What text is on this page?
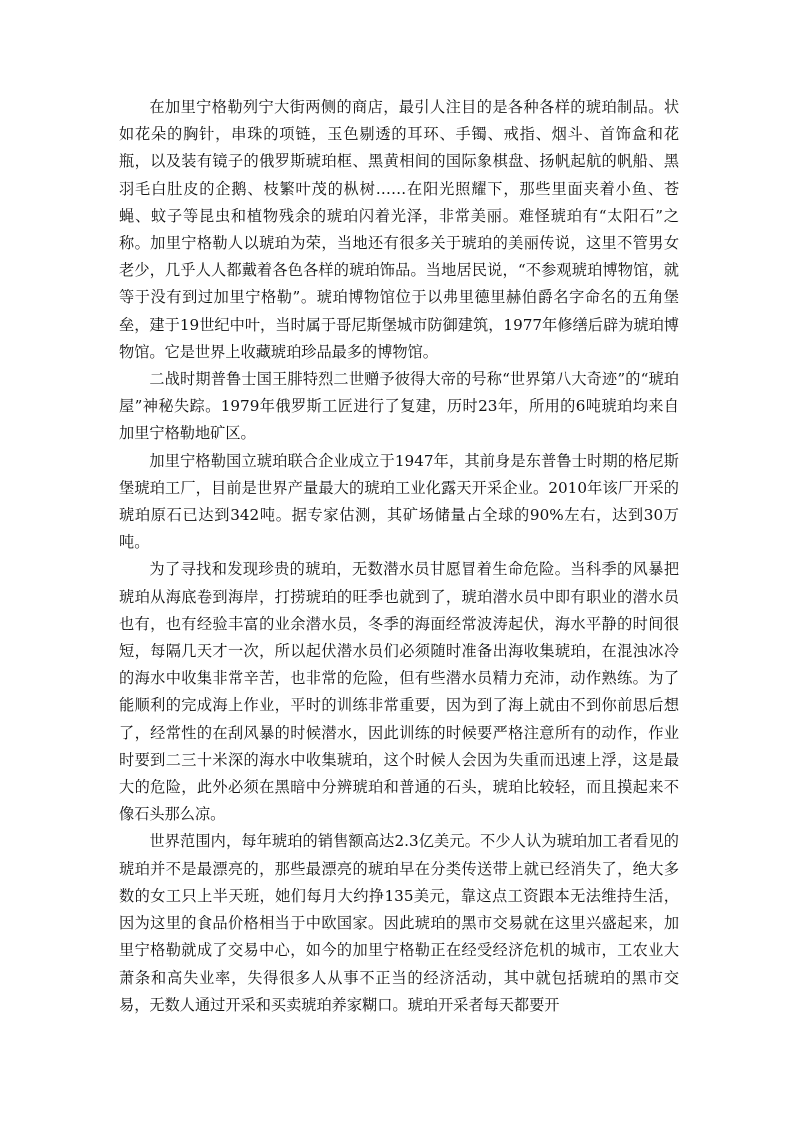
在加里宁格勒列宁大街两侧的商店，最引人注目的是各种各样的琥珀制品。状如花朵的胸针，串珠的项链，玉色剔透的耳环、手镯、戒指、烟斗、首饰盒和花瓶，以及装有镜子的俄罗斯琥珀框、黑黄相间的国际象棋盘、扬帆起航的帆船、黑羽毛白肚皮的企鹅、枝繁叶茂的枞树……在阳光照耀下，那些里面夹着小鱼、苍蝇、蚊子等昆虫和植物残余的琥珀闪着光泽，非常美丽。难怪琥珀有“太阳石”之称。加里宁格勒人以琥珀为荣，当地还有很多关于琥珀的美丽传说，这里不管男女老少，几乎人人都戴着各色各样的琥珀饰品。当地居民说，“不参观琥珀博物馆，就等于没有到过加里宁格勒”。琥珀博物馆位于以弗里德里赫伯爵名字命名的五角堡垒，建于19世纪中叶，当时属于哥尼斯堡城市防御建筑，1977年修缮后辟为琥珀博物馆。它是世界上收藏琥珀珍品最多的博物馆。

二战时期普鲁士国王腓特烈二世赠予彼得大帝的号称“世界第八大奇迹”的“琥珀屋”神秘失踪。1979年俄罗斯工匠进行了复建，历时23年，所用的6吨琥珀均来自加里宁格勒地矿区。

加里宁格勒国立琥珀联合企业成立于1947年，其前身是东普鲁士时期的格尼斯堡琥珀工厂，目前是世界产量最大的琥珀工业化露天开采企业。2010年该厂开采的琥珀原石已达到342吨。据专家估测，其矿场储量占全球的90%左右，达到30万吨。

为了寻找和发现珍贵的琥珀，无数潜水员甘愿冒着生命危险。当科季的风暴把琥珀从海底卷到海岸，打捞琥珀的旺季也就到了，琥珀潜水员中即有职业的潜水员也有，也有经验丰富的业余潜水员，冬季的海面经常波涛起伏，海水平静的时间很短，每隔几天才一次，所以起伏潜水员们必须随时准备出海收集琥珀，在混浊冰冷的海水中收集非常辛苦，也非常的危险，但有些潜水员精力充沛，动作熟练。为了能顺利的完成海上作业，平时的训练非常重要，因为到了海上就由不到你前思后想了，经常性的在刮风暴的时候潜水，因此训练的时候要严格注意所有的动作，作业时要到二三十米深的海水中收集琥珀，这个时候人会因为失重而迅速上浮，这是最大的危险，此外必须在黑暗中分辨琥珀和普通的石头，琥珀比较轻，而且摸起来不像石头那么凉。

世界范围内，每年琥珀的销售额高达2.3亿美元。不少人认为琥珀加工者看见的琥珀并不是最漂亮的，那些最漂亮的琥珀早在分类传送带上就已经消失了，绝大多数的女工只上半天班，她们每月大约挣135美元，靠这点工资跟本无法维持生活，因为这里的食品价格相当于中欧国家。因此琥珀的黑市交易就在这里兴盛起来，加里宁格勒就成了交易中心，如今的加里宁格勒正在经受经济危机的城市，工农业大萧条和高失业率，失得很多人从事不正当的经济活动，其中就包括琥珀的黑市交易，无数人通过开采和买卖琥珀养家糊口。琥珀开采者每天都要开
